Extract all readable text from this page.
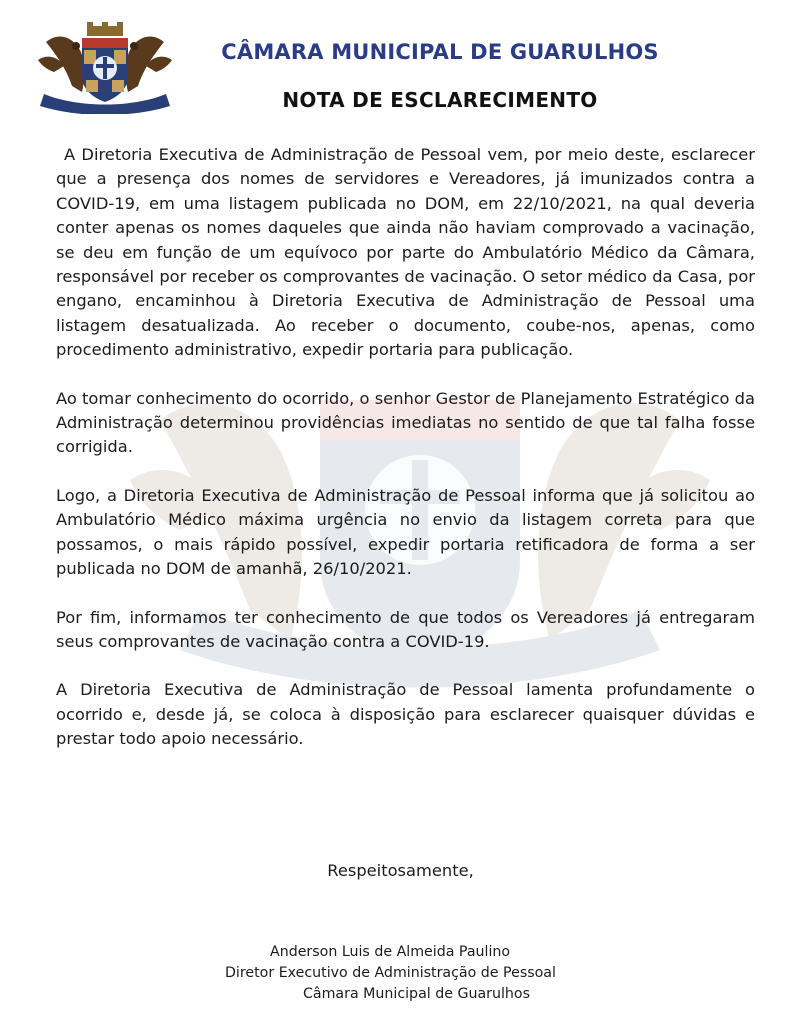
CÂMARA MUNICIPAL DE GUARULHOS
NOTA DE ESCLARECIMENTO

A Diretoria Executiva de Administração de Pessoal vem, por meio deste, esclarecer que a presença dos nomes de servidores e Vereadores, já imunizados contra a COVID-19, em uma listagem publicada no DOM, em 22/10/2021, na qual deveria conter apenas os nomes daqueles que ainda não haviam comprovado a vacinação, se deu em função de um equívoco por parte do Ambulatório Médico da Câmara, responsável por receber os comprovantes de vacinação. O setor médico da Casa, por engano, encaminhou à Diretoria Executiva de Administração de Pessoal uma listagem desatualizada. Ao receber o documento, coube-nos, apenas, como procedimento administrativo, expedir portaria para publicação.

Ao tomar conhecimento do ocorrido, o senhor Gestor de Planejamento Estratégico da Administração determinou providências imediatas no sentido de que tal falha fosse corrigida.

Logo, a Diretoria Executiva de Administração de Pessoal informa que já solicitou ao Ambulatório Médico máxima urgência no envio da listagem correta para que possamos, o mais rápido possível, expedir portaria retificadora de forma a ser publicada no DOM de amanhã, 26/10/2021.

Por fim, informamos ter conhecimento de que todos os Vereadores já entregaram seus comprovantes de vacinação contra a COVID-19.

A Diretoria Executiva de Administração de Pessoal lamenta profundamente o ocorrido e, desde já, se coloca à disposição para esclarecer quaisquer dúvidas e prestar todo apoio necessário.

Respeitosamente,
Anderson Luis de Almeida Paulino
Diretor Executivo de Administração de Pessoal
Câmara Municipal de Guarulhos
